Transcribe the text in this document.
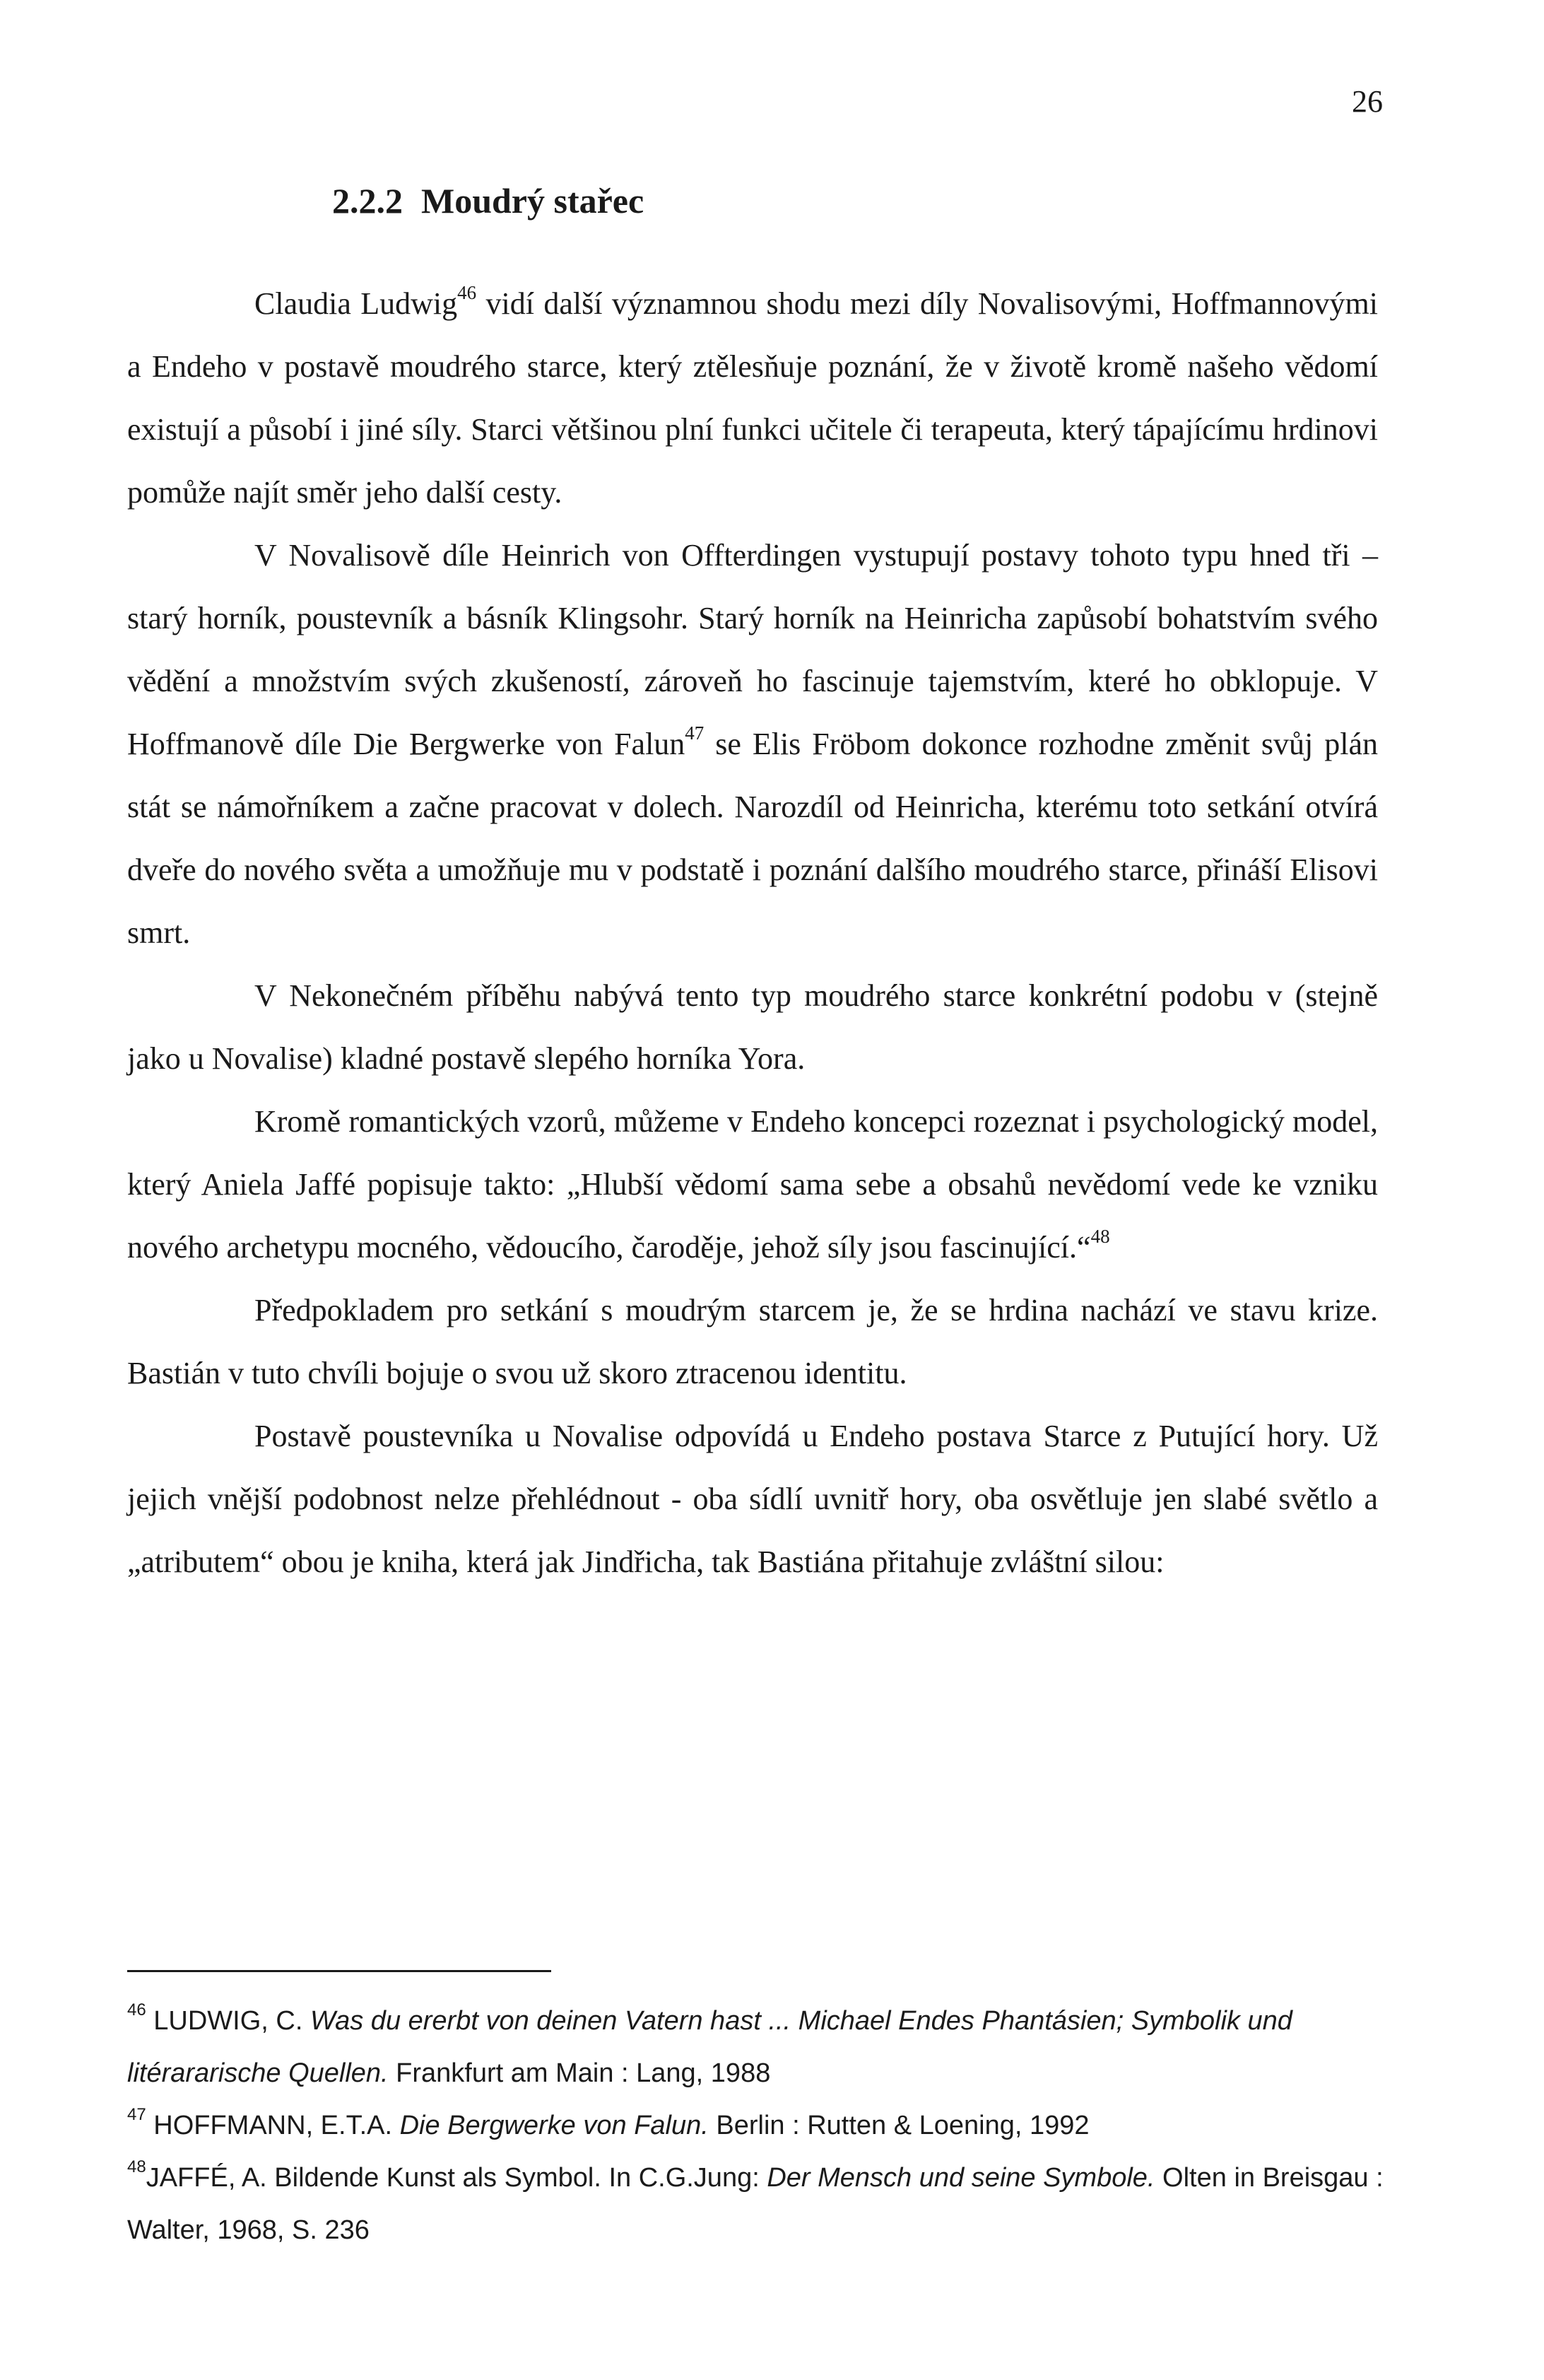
26
2.2.2 Moudrý stařec

Claudia Ludwig$^{46}$ vidí další významnou shodu mezi díly Novalisovými, Hoffmannovými a Endeho v postavě moudrého starce, který ztělesňuje poznání, že v životě kromě našeho vědomí existují a působí i jiné síly. Starci většinou plní funkci učitele či terapeuta, který tápajícímu hrdinovi pomůže najít směr jeho další cesty.

V Novalisově díle Heinrich von Offterdingen vystupují postavy tohoto typu hned tři – starý horník, poustevník a básník Klingsohr. Starý horník na Heinricha zapůsobí bohatstvím svého vědění a množstvím svých zkušeností, zároveň ho fascinuje tajemstvím, které ho obklopuje. V Hoffmanově díle Die Bergwerke von Falun$^{47}$ se Elis Fröbom dokonce rozhodne změnit svůj plán stát se námořníkem a začne pracovat v dolech. Narozdíl od Heinricha, kterému toto setkání otvírá dveře do nového světa a umožňuje mu v podstatě i poznání dalšího moudrého starce, přináší Elisovi smrt.

V Nekonečném příběhu nabývá tento typ moudrého starce konkrétní podobu v (stejně jako u Novalise) kladné postavě slepého horníka Yora.

Kromě romantických vzorů, můžeme v Endeho koncepci rozeznat i psychologický model, který Aniela Jaffé popisuje takto: „Hlubší vědomí sama sebe a obsahů nevědomí vede ke vzniku nového archetypu mocného, vědoucího, čaroděje, jehož síly jsou fascinující.“$^{48}$

Předpokladem pro setkání s moudrým starcem je, že se hrdina nachází ve stavu krize. Bastián v tuto chvíli bojuje o svou už skoro ztracenou identitu.

Postavě poustevníka u Novalise odpovídá u Endeho postava Starce z Putující hory. Už jejich vnější podobnost nelze přehlédnout - oba sídlí uvnitř hory, oba osvětluje jen slabé světlo a „atributem“ obou je kniha, která jak Jindřicha, tak Bastiána přitahuje zvláštní silou:

$^{46}$ LUDWIG, C. Was du ererbt von deinen Vatern hast ... Michael Endes Phantásien; Symbolik und litérararische Quellen. Frankfurt am Main : Lang, 1988

$^{47}$ HOFFMANN, E.T.A. Die Bergwerke von Falun. Berlin : Rutten & Loening, 1992

$^{48}$JAFFÉ, A. Bildende Kunst als Symbol. In C.G.Jung: Der Mensch und seine Symbole. Olten in Breisgau : Walter, 1968, S. 236
